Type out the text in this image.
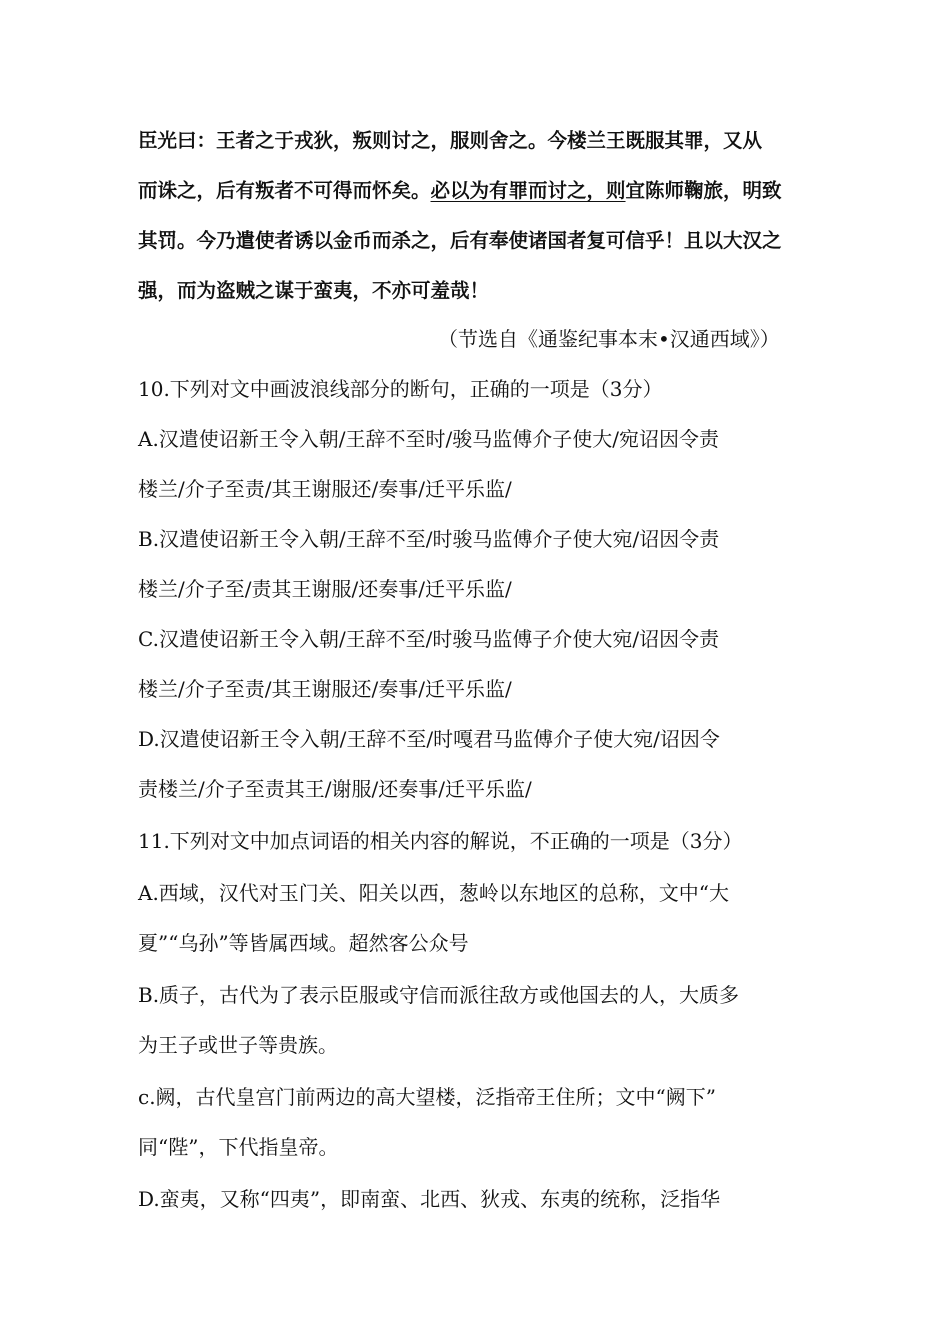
臣光曰：王者之于戎狄，叛则讨之，服则舍之。今楼兰王既服其罪，又从
而诛之，后有叛者不可得而怀矣。必以为有罪而讨之，则宜陈师鞠旅，明致
其罚。今乃遣使者诱以金币而杀之，后有奉使诸国者复可信乎！且以大汉之
强，而为盗贼之谋于蛮夷，不亦可羞哉！
（节选自《通鉴纪事本末•汉通西域》）
10.下列对文中画波浪线部分的断句，正确的一项是（3分）
A.汉遣使诏新王令入朝/王辞不至时/骏马监傅介子使大/宛诏因令责
楼兰/介子至责/其王谢服还/奏事/迁平乐监/
B.汉遣使诏新王令入朝/王辞不至/时骏马监傅介子使大宛/诏因令责
楼兰/介子至/责其王谢服/还奏事/迁平乐监/
C.汉遣使诏新王令入朝/王辞不至/时骏马监傅子介使大宛/诏因令责
楼兰/介子至责/其王谢服还/奏事/迁平乐监/
D.汉遣使诏新王令入朝/王辞不至/时嘎君马监傅介子使大宛/诏因令
责楼兰/介子至责其王/谢服/还奏事/迁平乐监/
11.下列对文中加点词语的相关内容的解说，不正确的一项是（3分）
A.西域，汉代对玉门关、阳关以西，葱岭以东地区的总称，文中“大
夏”“乌孙”等皆属西域。超然客公众号
B.质子，古代为了表示臣服或守信而派往敌方或他国去的人，大质多
为王子或世子等贵族。
c.阙，古代皇宫门前两边的高大望楼，泛指帝王住所；文中“阙下”
同“陛”，下代指皇帝。
D.蛮夷，又称“四夷”，即南蛮、北西、狄戎、东夷的统称，泛指华
